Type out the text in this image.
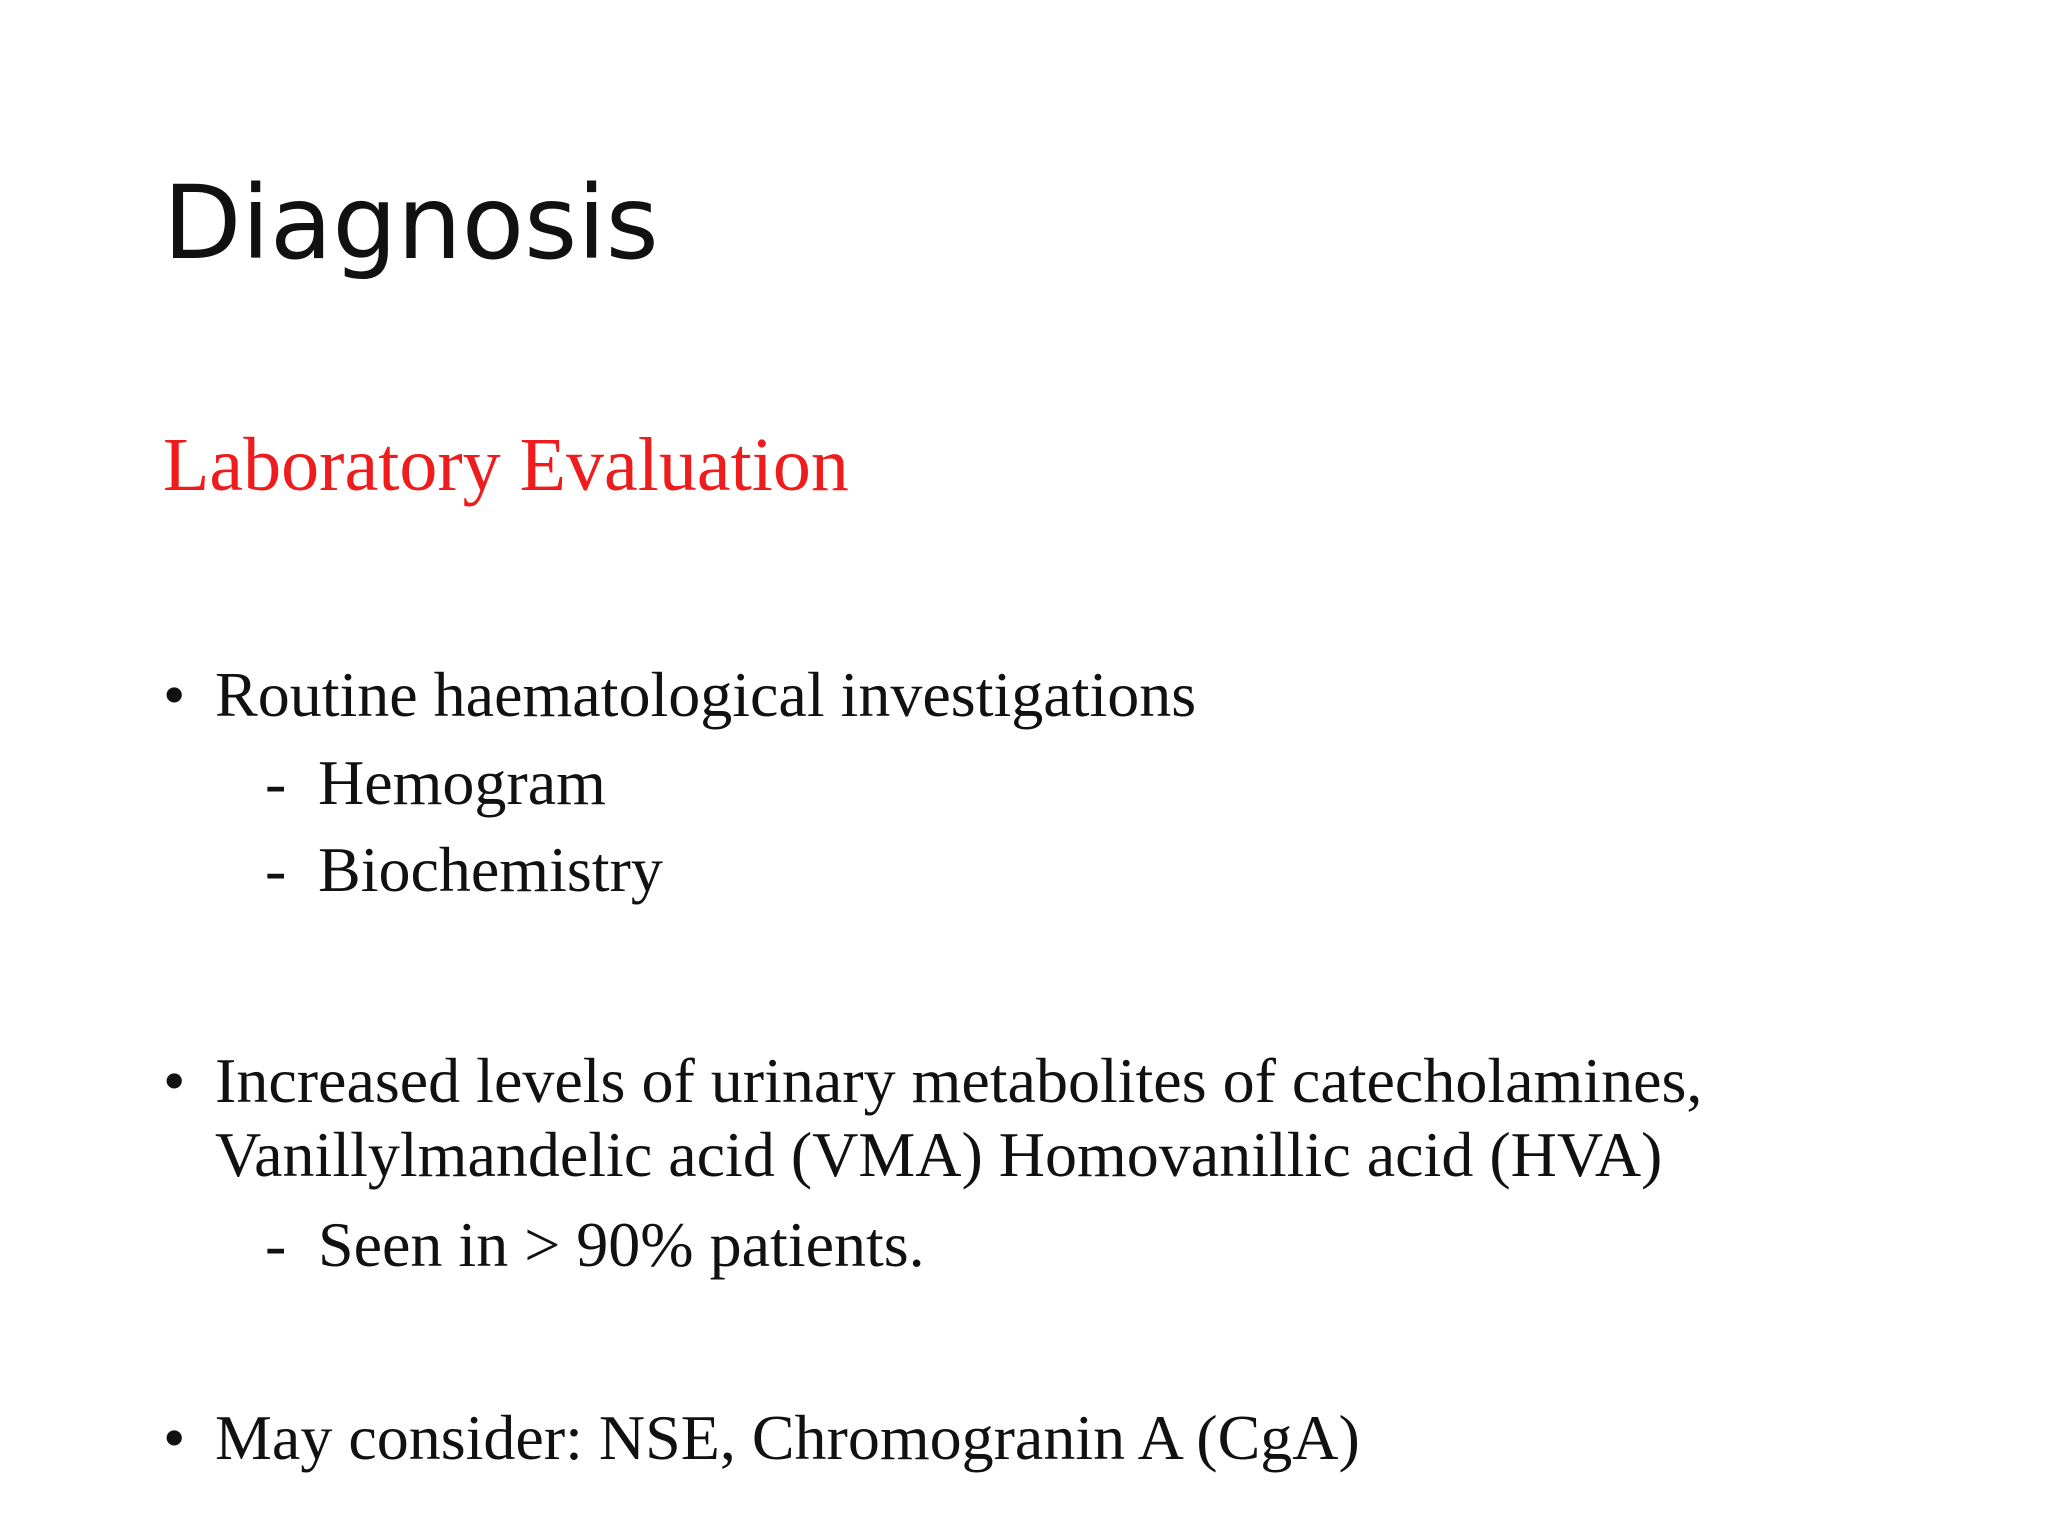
Diagnosis
Laboratory Evaluation
• Routine haematological investigations
- Hemogram
- Biochemistry
• Increased levels of urinary metabolites of catecholamines,
Vanillylmandelic acid (VMA) Homovanillic acid (HVA)
- Seen in > 90% patients.
• May consider: NSE, Chromogranin A (CgA)
